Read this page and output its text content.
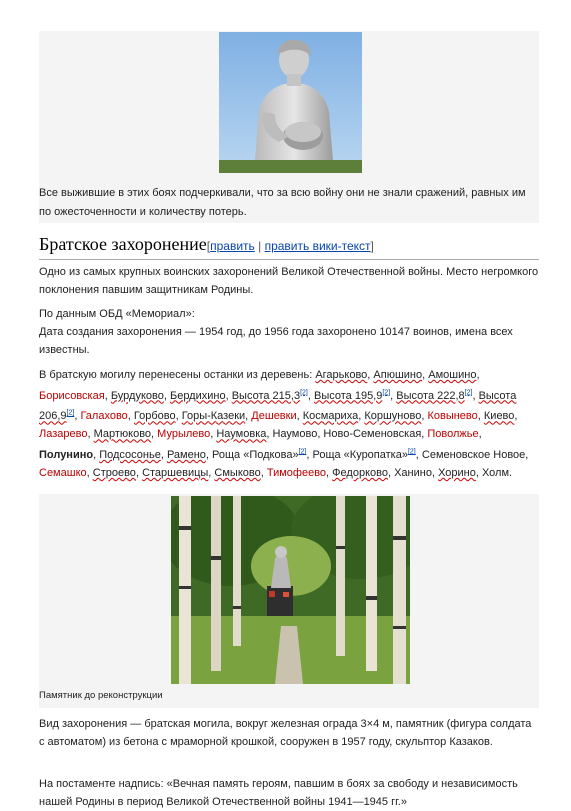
Все выжившие в этих боях подчеркивали, что за всю войну они не знали сражений, равных им по ожесточенности и количеству потерь.

Братское захоронение[править | править вики-текст]

Одно из самых крупных воинских захоронений Великой Отечественной войны. Место негромкого поклонения павшим защитникам Родины.

По данным ОБД «Мемориал»:
Дата создания захоронения — 1954 год, до 1956 года захоронено 10147 воинов, имена всех известны.

В братскую могилу перенесены останки из деревень: Агарьково, Апюшино, Амошино, Борисовская, Бурдуково, Бердихино, Высота 215,3[2], Высота 195,9[2], Высота 222,8[2], Высота 206,9[2], Галахово, Горбово, Горы-Казеки, Дешевки, Космариха, Коршуново, Ковынево, Киево, Лазарево, Мартюково, Мурылево, Наумовка, Наумово, Ново-Семеновская, Поволжье, Полунино, Подсосонье, Рамено, Роща «Подкова»[2], Роща «Куропатка»[2], Семеновское Новое, Семашко, Строево, Старшевицы, Смыково, Тимофеево, Федорково, Ханино, Хорино, Холм.

Памятник до реконструкции

Вид захоронения — братская могила, вокруг железная ограда 3×4 м, памятник (фигура солдата с автоматом) из бетона с мраморной крошкой, сооружен в 1957 году, скульптор Казаков.

На постаменте надпись: «Вечная память героям, павшим в боях за свободу и независимость нашей Родины в период Великой Отечественной войны 1941—1945 гг.»
